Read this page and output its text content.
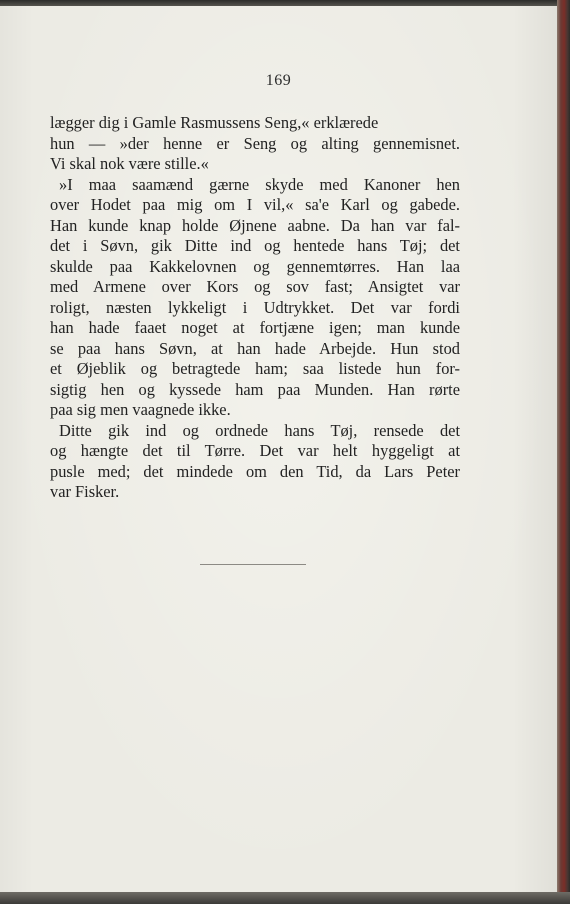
169
lægger dig i Gamle Rasmussens Seng,« erklærede
hun — »der henne er Seng og alting gennemisnet.
Vi skal nok være stille.«
»I maa saamænd gærne skyde med Kanoner hen
over Hodet paa mig om I vil,« sa'e Karl og gabede.
Han kunde knap holde Øjnene aabne. Da han var fal-
det i Søvn, gik Ditte ind og hentede hans Tøj; det
skulde paa Kakkelovnen og gennemtørres. Han laa
med Armene over Kors og sov fast; Ansigtet var
roligt, næsten lykkeligt i Udtrykket. Det var fordi
han hade faaet noget at fortjæne igen; man kunde
se paa hans Søvn, at han hade Arbejde. Hun stod
et Øjeblik og betragtede ham; saa listede hun for-
sigtig hen og kyssede ham paa Munden. Han rørte
paa sig men vaagnede ikke.
Ditte gik ind og ordnede hans Tøj, rensede det
og hængte det til Tørre. Det var helt hyggeligt at
pusle med; det mindede om den Tid, da Lars Peter
var Fisker.
